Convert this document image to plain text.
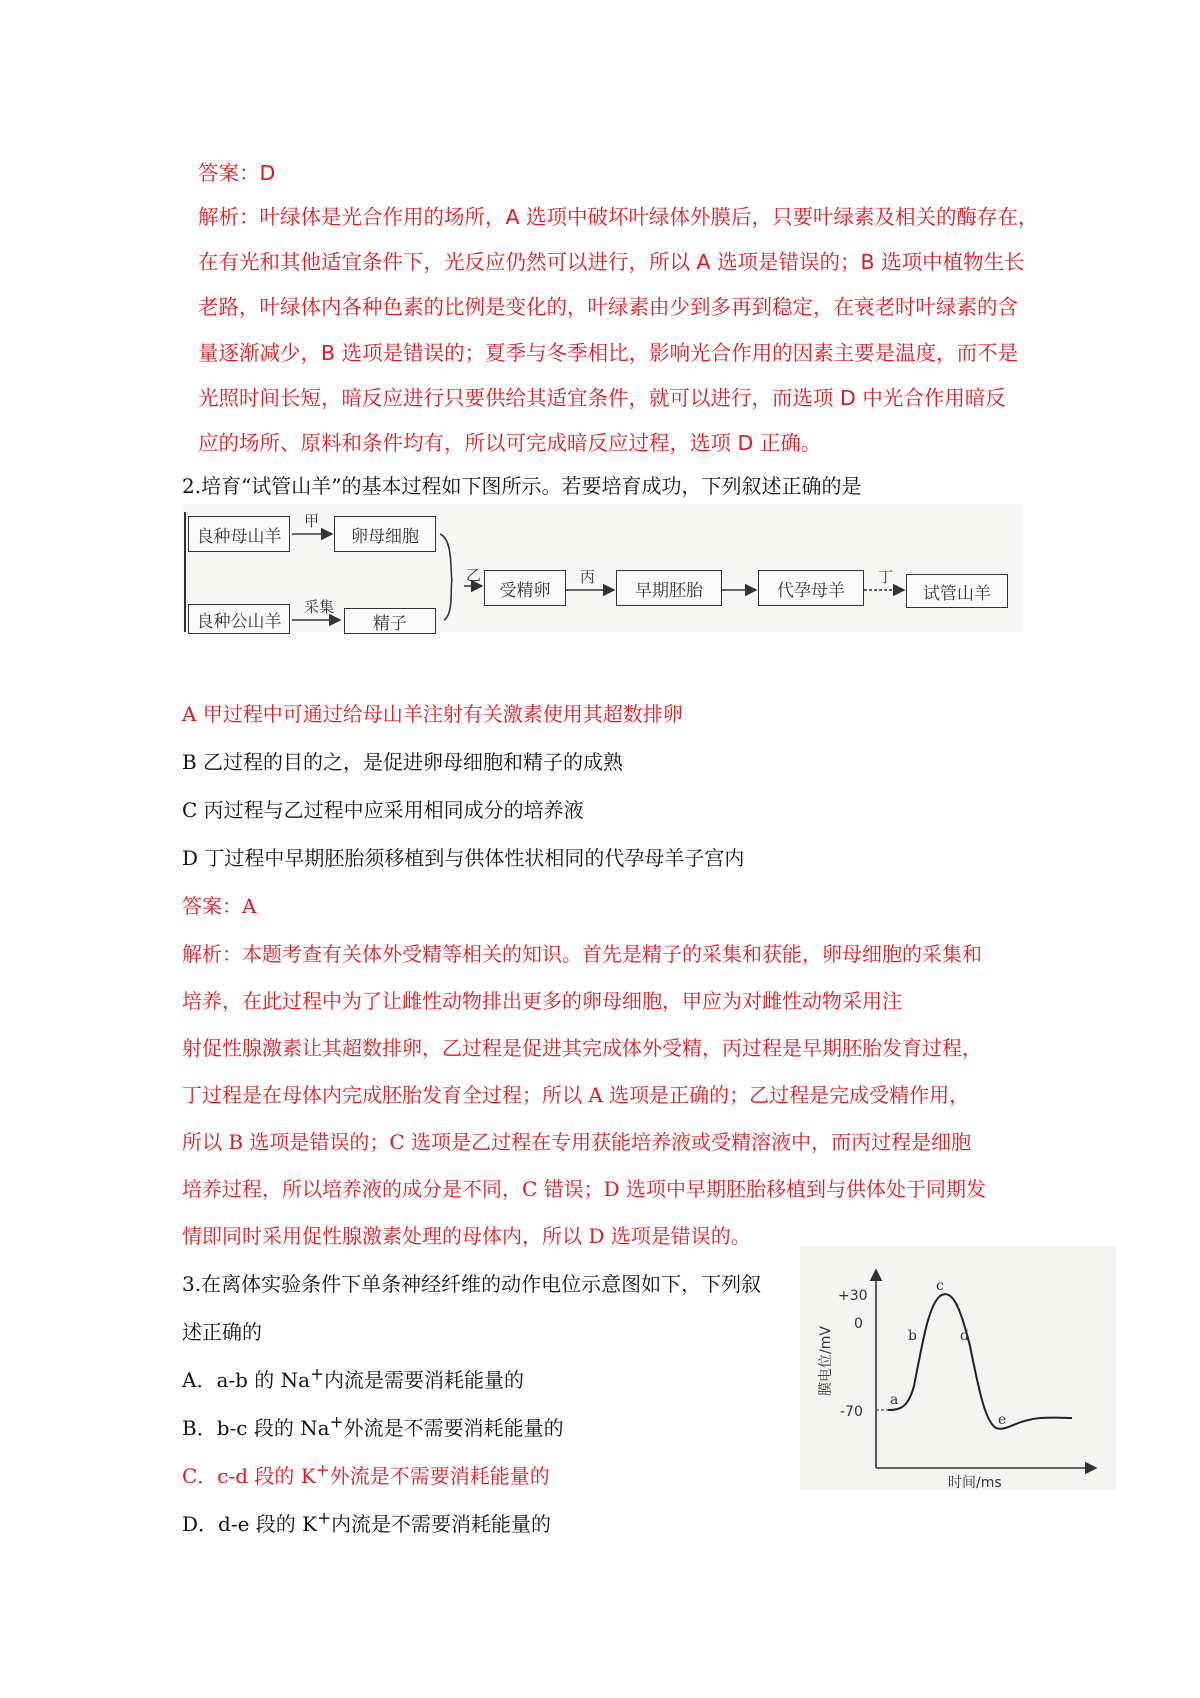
答案：D
解析：叶绿体是光合作用的场所，A 选项中破坏叶绿体外膜后，只要叶绿素及相关的酶存在，
在有光和其他适宜条件下，光反应仍然可以进行，所以 A 选项是错误的；B 选项中植物生长
老路，叶绿体内各种色素的比例是变化的，叶绿素由少到多再到稳定，在衰老时叶绿素的含
量逐渐减少，B 选项是错误的；夏季与冬季相比，影响光合作用的因素主要是温度，而不是
光照时间长短，暗反应进行只要供给其适宜条件，就可以进行，而选项 D 中光合作用暗反
应的场所、原料和条件均有，所以可完成暗反应过程，选项 D 正确。
2.培育“试管山羊”的基本过程如下图所示。若要培育成功，下列叙述正确的是
良种母山羊	卵母细胞
良种公山羊	精子
受精卵	早期胚胎	代孕母羊	试管山羊
甲
采集
乙	丙	丁
A 甲过程中可通过给母山羊注射有关激素使用其超数排卵
B 乙过程的目的之，是促进卵母细胞和精子的成熟
C 丙过程与乙过程中应采用相同成分的培养液
D 丁过程中早期胚胎须移植到与供体性状相同的代孕母羊子宫内
答案：A
解析：本题考查有关体外受精等相关的知识。首先是精子的采集和获能，卵母细胞的采集和
培养，在此过程中为了让雌性动物排出更多的卵母细胞，甲应为对雌性动物采用注
射促性腺激素让其超数排卵，乙过程是促进其完成体外受精，丙过程是早期胚胎发育过程，
丁过程是在母体内完成胚胎发育全过程；所以 A 选项是正确的；乙过程是完成受精作用，
所以 B 选项是错误的；C 选项是乙过程在专用获能培养液或受精溶液中，而丙过程是细胞
培养过程，所以培养液的成分是不同，C 错误；D 选项中早期胚胎移植到与供体处于同期发
情即同时采用促性腺激素处理的母体内，所以 D 选项是错误的。
3.在离体实验条件下单条神经纤维的动作电位示意图如下，下列叙
述正确的
A．a-b 的 Na+内流是需要消耗能量的
B．b-c 段的 Na+外流是不需要消耗能量的
C．c-d 段的 K+外流是不需要消耗能量的
D．d-e 段的 K+内流是不需要消耗能量的
+30
0
-70
a
b
c
d
e
时间/ms
膜电位/mV
